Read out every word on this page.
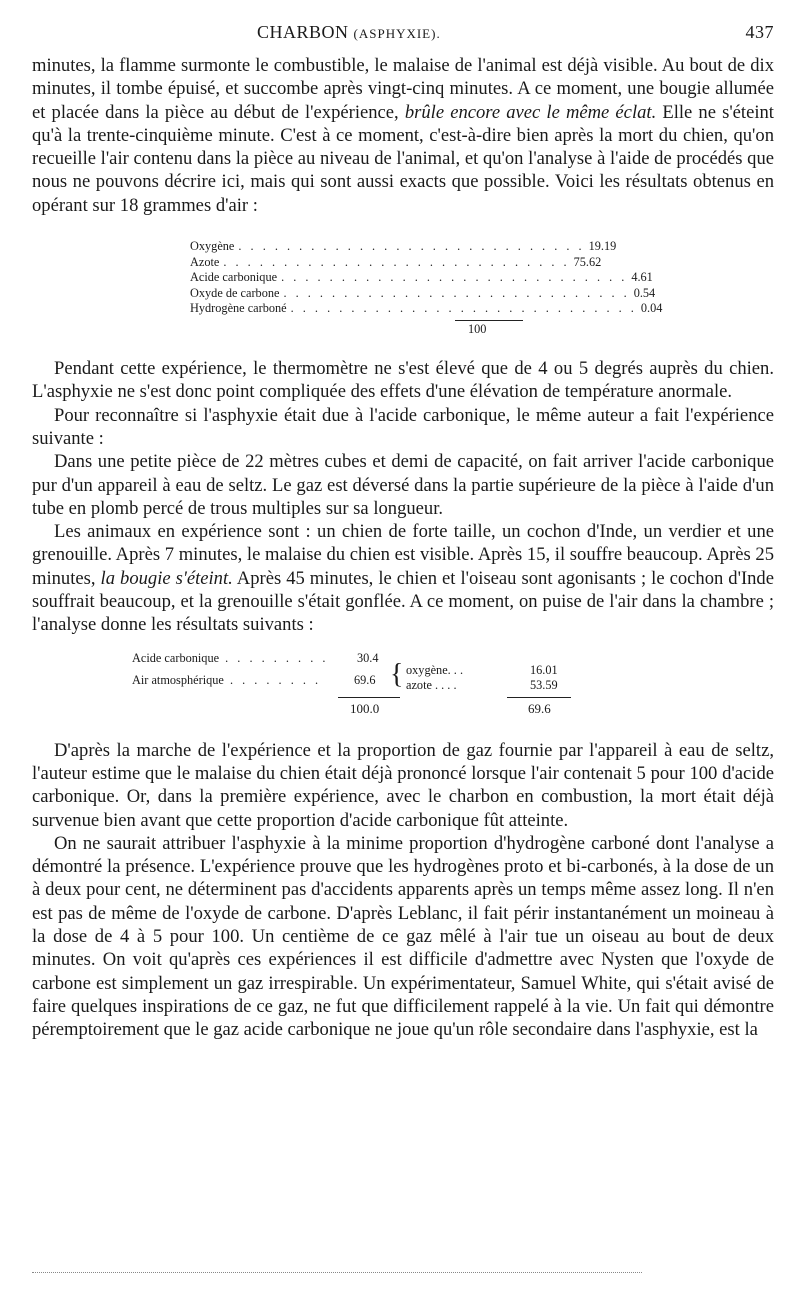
CHARBON (ASPHYXIE).	437

minutes, la flamme surmonte le combustible, le malaise de l'animal est déjà visible. Au bout de dix minutes, il tombe épuisé, et succombe après vingt-cinq minutes. A ce moment, une bougie allumée et placée dans la pièce au début de l'expérience, brûle encore avec le même éclat. Elle ne s'éteint qu'à la trente-cinquième minute. C'est à ce moment, c'est-à-dire bien après la mort du chien, qu'on recueille l'air contenu dans la pièce au niveau de l'animal, et qu'on l'analyse à l'aide de procédés que nous ne pouvons décrire ici, mais qui sont aussi exacts que possible. Voici les résultats obtenus en opérant sur 18 grammes d'air :

Oxygène . . . . . . . . . . . . . . . . . . . . . . . . . . . . . 19.19
Azote . . . . . . . . . . . . . . . . . . . . . . . . . . . . . 75.62
Acide carbonique . . . . . . . . . . . . . . . . . . . . . . . . . . . . . 4.61
Oxyde de carbone . . . . . . . . . . . . . . . . . . . . . . . . . . . . . 0.54
Hydrogène carboné . . . . . . . . . . . . . . . . . . . . . . . . . . . . . 0.04
100

Pendant cette expérience, le thermomètre ne s'est élevé que de 4 ou 5 degrés auprès du chien. L'asphyxie ne s'est donc point compliquée des effets d'une élévation de température anormale.

Pour reconnaître si l'asphyxie était due à l'acide carbonique, le même auteur a fait l'expérience suivante :

Dans une petite pièce de 22 mètres cubes et demi de capacité, on fait arriver l'acide carbonique pur d'un appareil à eau de seltz. Le gaz est déversé dans la partie supérieure de la pièce à l'aide d'un tube en plomb percé de trous multiples sur sa longueur.

Les animaux en expérience sont : un chien de forte taille, un cochon d'Inde, un verdier et une grenouille. Après 7 minutes, le malaise du chien est visible. Après 15, il souffre beaucoup. Après 25 minutes, la bougie s'éteint. Après 45 minutes, le chien et l'oiseau sont agonisants ; le cochon d'Inde souffrait beaucoup, et la grenouille s'était gonflée. A ce moment, on puise de l'air dans la chambre ; l'analyse donne les résultats suivants :

Acide carbonique . . . . . . . . . 30.4
Air atmosphérique . . . . . . . .	69.6 { oxygène. . .	16.01
azote . . . .	53.59
100.0	69.6

D'après la marche de l'expérience et la proportion de gaz fournie par l'appareil à eau de seltz, l'auteur estime que le malaise du chien était déjà prononcé lorsque l'air contenait 5 pour 100 d'acide carbonique. Or, dans la première expérience, avec le charbon en combustion, la mort était déjà survenue bien avant que cette proportion d'acide carbonique fût atteinte.

On ne saurait attribuer l'asphyxie à la minime proportion d'hydrogène carboné dont l'analyse a démontré la présence. L'expérience prouve que les hydrogènes proto et bi-carbonés, à la dose de un à deux pour cent, ne déterminent pas d'accidents apparents après un temps même assez long. Il n'en est pas de même de l'oxyde de carbone. D'après Leblanc, il fait périr instantanément un moineau à la dose de 4 à 5 pour 100. Un centième de ce gaz mêlé à l'air tue un oiseau au bout de deux minutes. On voit qu'après ces expériences il est difficile d'admettre avec Nysten que l'oxyde de carbone est simplement un gaz irrespirable. Un expérimentateur, Samuel White, qui s'était avisé de faire quelques inspirations de ce gaz, ne fut que difficilement rappelé à la vie. Un fait qui démontre péremptoirement que le gaz acide carbonique ne joue qu'un rôle secondaire dans l'asphyxie, est la
